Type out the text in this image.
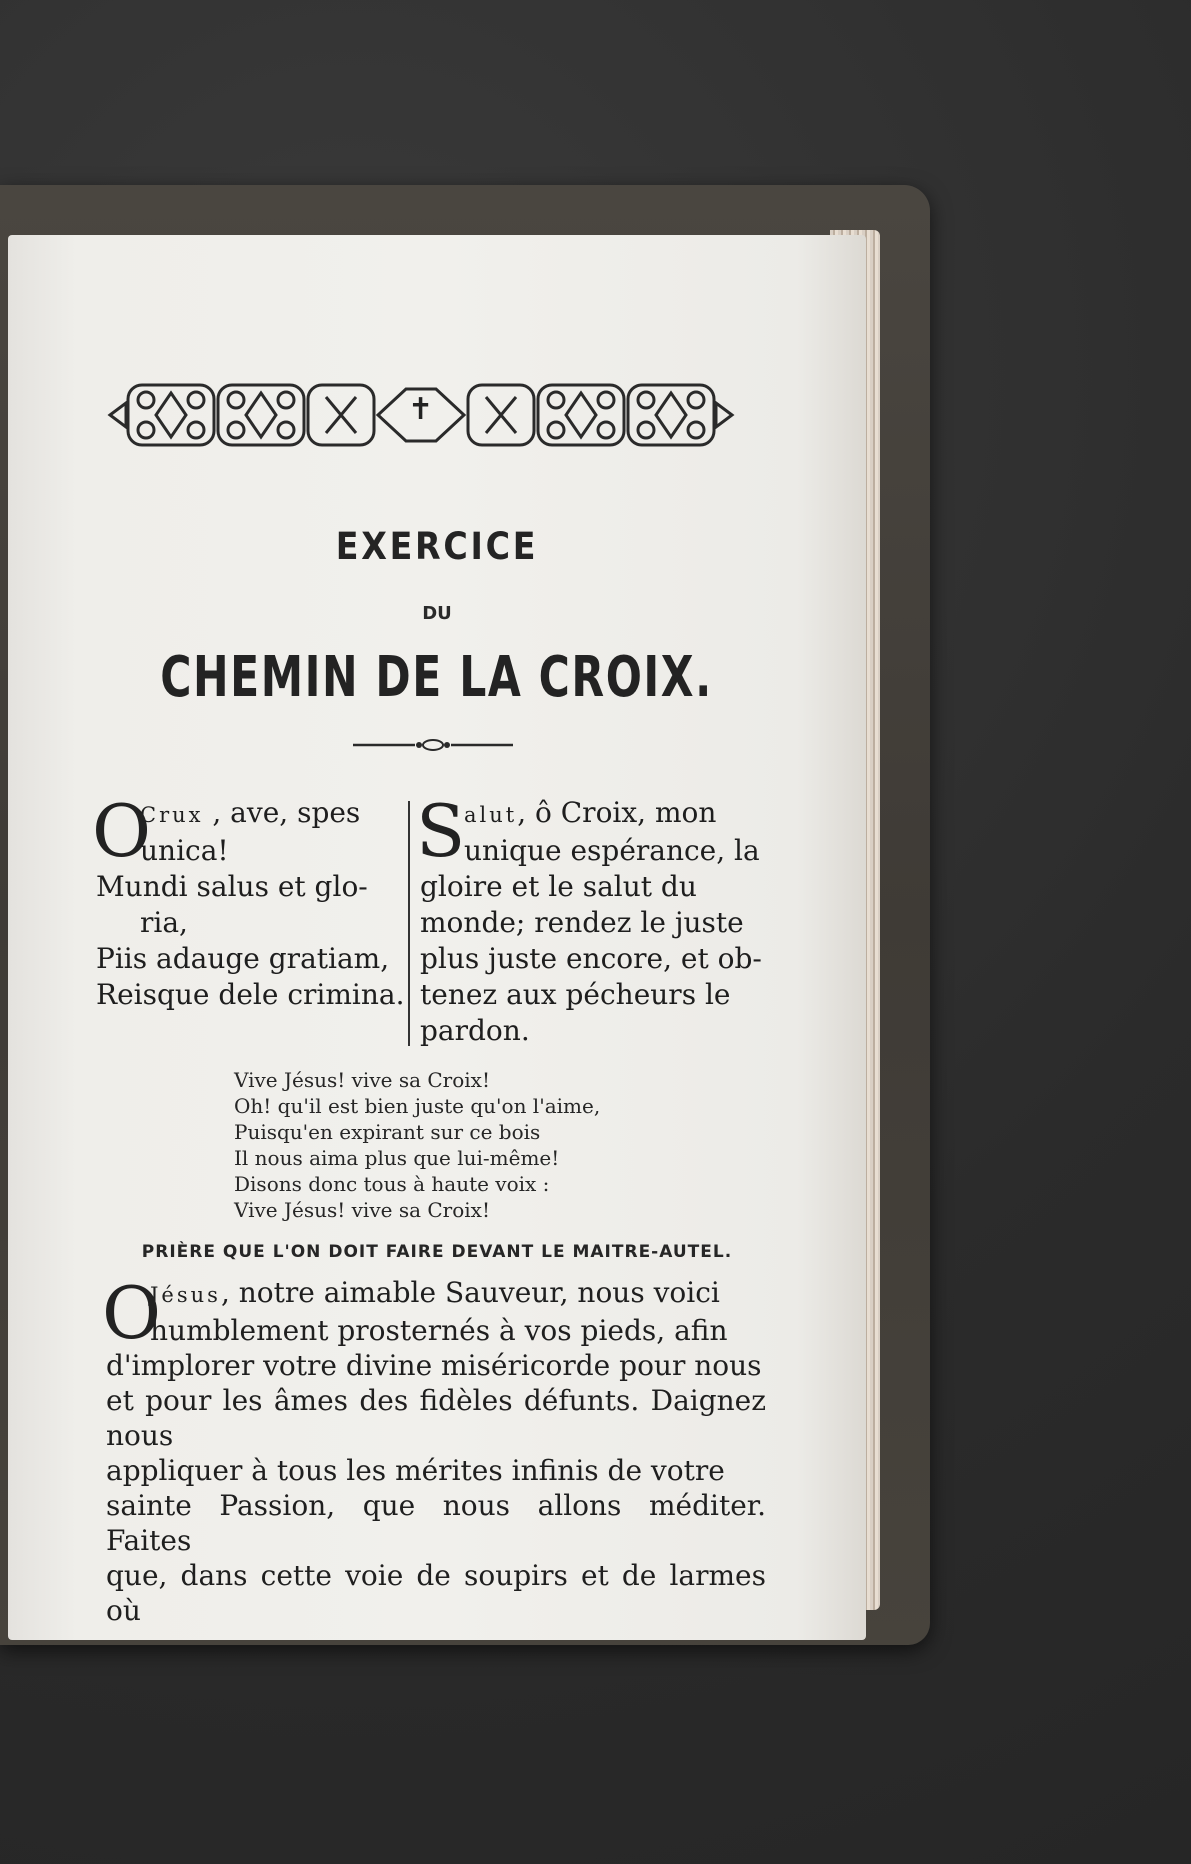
✝
EXERCICE
DU
CHEMIN DE LA CROIX.
O
Crux , ave, spes
unica!
Mundi salus et glo-
ria,
Piis adauge gratiam,
Reisque dele crimina.
S
alut, ô Croix, mon
unique espérance, la
gloire et le salut du
monde; rendez le juste
plus juste encore, et ob-
tenez aux pécheurs le
pardon.
Vive Jésus! vive sa Croix!
Oh! qu'il est bien juste qu'on l'aime,
Puisqu'en expirant sur ce bois
Il nous aima plus que lui-même!
Disons donc tous à haute voix :
Vive Jésus! vive sa Croix!
PRIÈRE QUE L'ON DOIT FAIRE DEVANT LE MAITRE-AUTEL.
O
Jésus, notre aimable Sauveur, nous voici
humblement prosternés à vos pieds, afin
d'implorer votre divine miséricorde pour nous
et pour les âmes des fidèles défunts. Daignez nous
appliquer à tous les mérites infinis de votre
sainte Passion, que nous allons méditer. Faites
que, dans cette voie de soupirs et de larmes où
